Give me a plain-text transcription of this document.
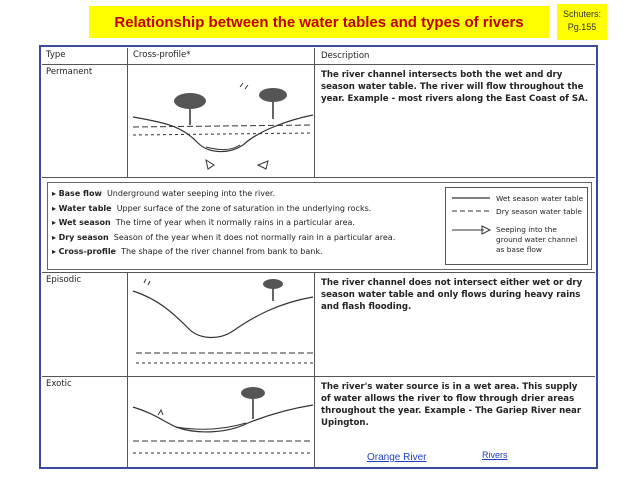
Relationship between the water tables and types of rivers	Schuters:
Pg.155
Type	Cross-profile*	Description
Permanent	The river channel intersects both the wet and dry season water table. The river will flow throughout the year. Example - most rivers along the East Coast of SA.
Episodic	The river channel does not intersect either wet or dry season water table and only flows during heavy rains and flash flooding.
Exotic	The river's water source is in a wet area. This supply of water allows the river to flow through drier areas throughout the year. Example - The Gariep River near Upington.
▸ Base flow Underground water seeping into the river.
▸ Water table Upper surface of the zone of saturation in the underlying rocks.
▸ Wet season The time of year when it normally rains in a particular area.
▸ Dry season Season of the year when it does not normally rain in a particular area.
▸ Cross-profile The shape of the river channel from bank to bank.
Wet season water table
Dry season water table
Seeping into the ground water channel as base flow
Orange River	Rivers
